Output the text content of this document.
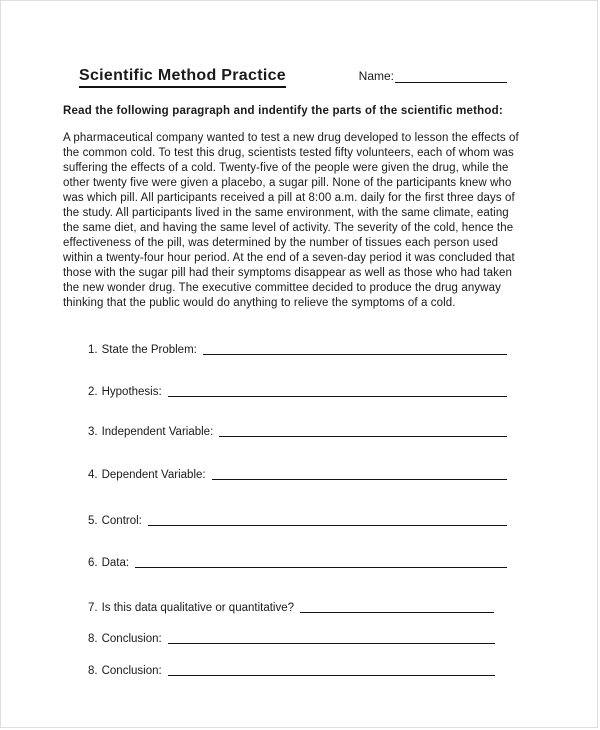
Scientific Method Practice	Name:

Read the following paragraph and indentify the parts of the scientific method:

A pharmaceutical company wanted to test a new drug developed to lesson the effects of the common cold. To test this drug, scientists tested fifty volunteers, each of whom was suffering the effects of a cold. Twenty-five of the people were given the drug, while the other twenty five were given a placebo, a sugar pill. None of the participants knew who was which pill. All participants received a pill at 8:00 a.m. daily for the first three days of the study. All participants lived in the same environment, with the same climate, eating the same diet, and having the same level of activity. The severity of the cold, hence the effectiveness of the pill, was determined by the number of tissues each person used within a twenty-four hour period. At the end of a seven-day period it was concluded that those with the sugar pill had their symptoms disappear as well as those who had taken the new wonder drug. The executive committee decided to produce the drug anyway thinking that the public would do anything to relieve the symptoms of a cold.

1. State the Problem:
2. Hypothesis:
3. Independent Variable:
4. Dependent Variable:
5. Control:
6. Data:
7. Is this data qualitative or quantitative?
8. Conclusion:
8. Conclusion:
